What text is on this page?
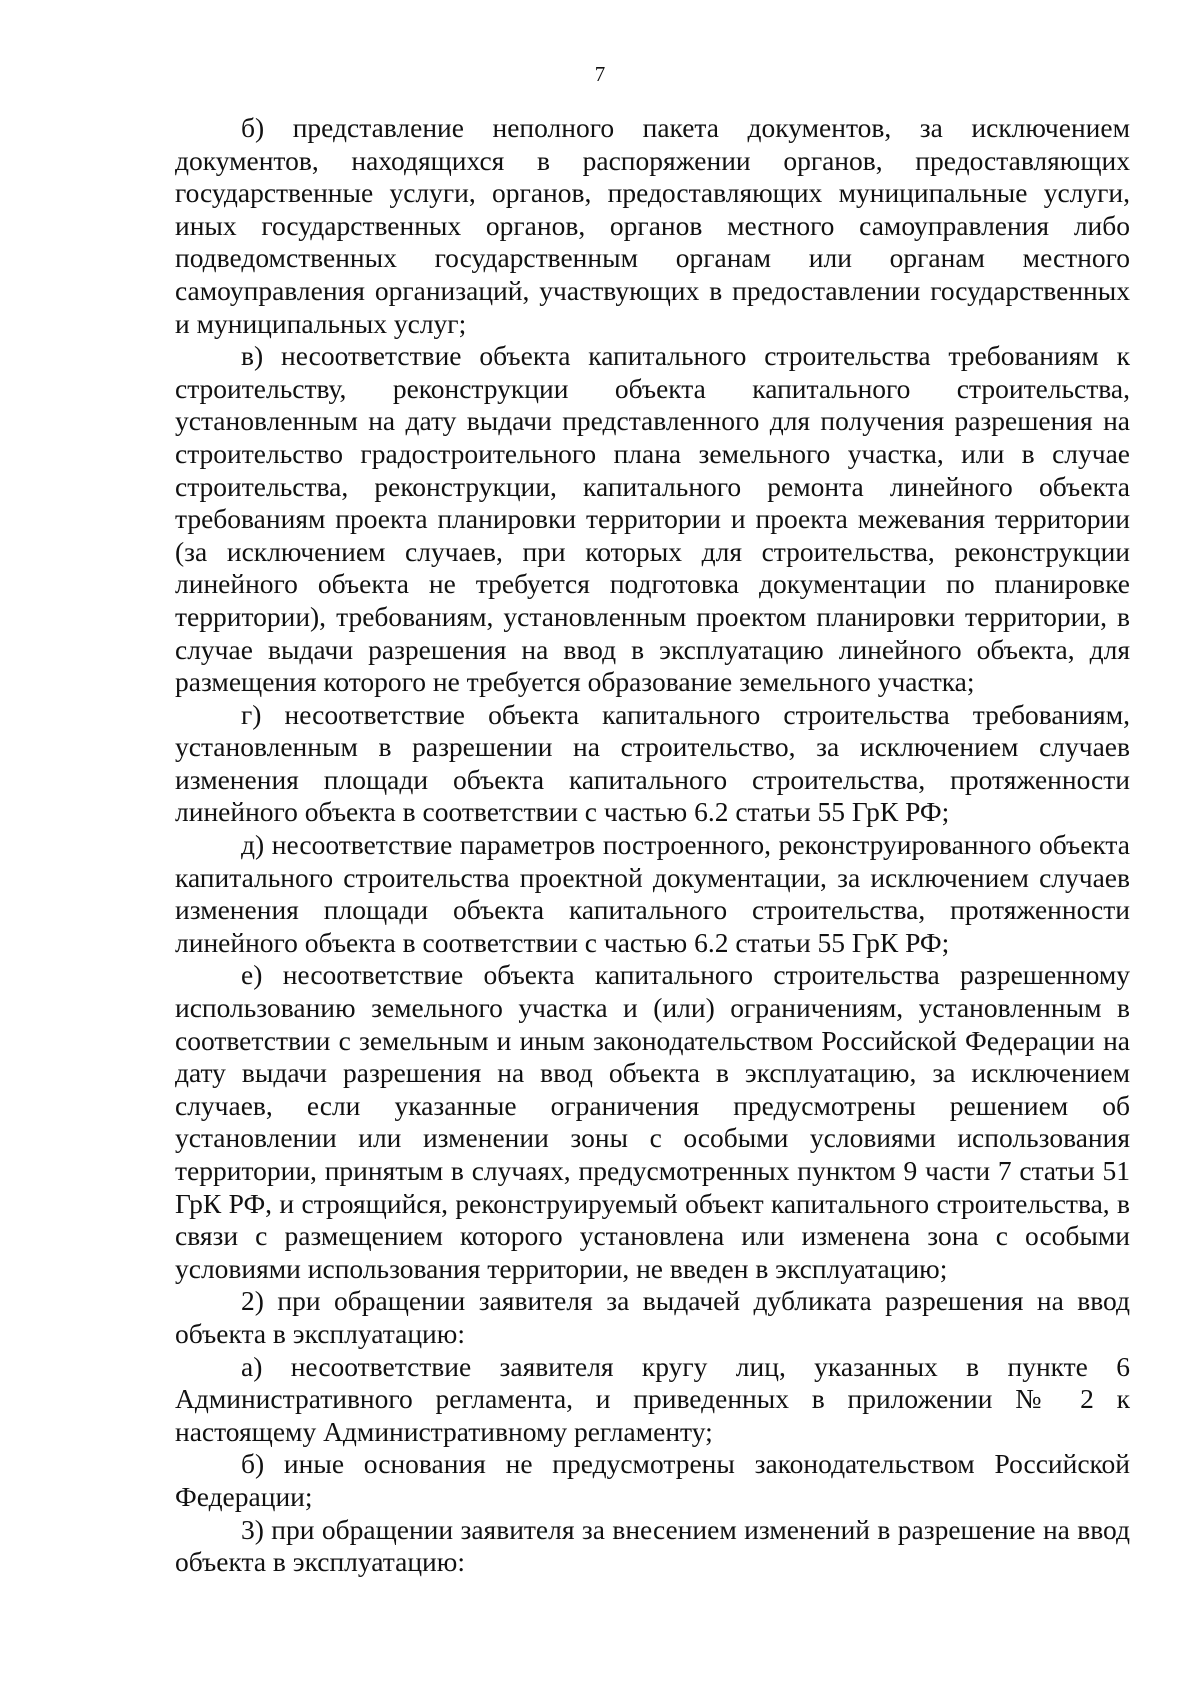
7

б) представление неполного пакета документов, за исключением документов, находящихся в распоряжении органов, предоставляющих государственные услуги, органов, предоставляющих муниципальные услуги, иных государственных органов, органов местного самоуправления либо подведомственных государственным органам или органам местного самоуправления организаций, участвующих в предоставлении государственных и муниципальных услуг;

в) несоответствие объекта капитального строительства требованиям к строительству, реконструкции объекта капитального строительства, установленным на дату выдачи представленного для получения разрешения на строительство градостроительного плана земельного участка, или в случае строительства, реконструкции, капитального ремонта линейного объекта требованиям проекта планировки территории и проекта межевания территории (за исключением случаев, при которых для строительства, реконструкции линейного объекта не требуется подготовка документации по планировке территории), требованиям, установленным проектом планировки территории, в случае выдачи разрешения на ввод в эксплуатацию линейного объекта, для размещения которого не требуется образование земельного участка;

г) несоответствие объекта капитального строительства требованиям, установленным в разрешении на строительство, за исключением случаев изменения площади объекта капитального строительства, протяженности линейного объекта в соответствии с частью 6.2 статьи 55 ГрК РФ;

д) несоответствие параметров построенного, реконструированного объекта капитального строительства проектной документации, за исключением случаев изменения площади объекта капитального строительства, протяженности линейного объекта в соответствии с частью 6.2 статьи 55 ГрК РФ;

е) несоответствие объекта капитального строительства разрешенному использованию земельного участка и (или) ограничениям, установленным в соответствии с земельным и иным законодательством Российской Федерации на дату выдачи разрешения на ввод объекта в эксплуатацию, за исключением случаев, если указанные ограничения предусмотрены решением об установлении или изменении зоны с особыми условиями использования территории, принятым в случаях, предусмотренных пунктом 9 части 7 статьи 51 ГрК РФ, и строящийся, реконструируемый объект капитального строительства, в связи с размещением которого установлена или изменена зона с особыми условиями использования территории, не введен в эксплуатацию;

2) при обращении заявителя за выдачей дубликата разрешения на ввод объекта в эксплуатацию:

а) несоответствие заявителя кругу лиц, указанных в пункте 6 Административного регламента, и приведенных в приложении № 2 к настоящему Административному регламенту;

б) иные основания не предусмотрены законодательством Российской Федерации;

3) при обращении заявителя за внесением изменений в разрешение на ввод объекта в эксплуатацию:
